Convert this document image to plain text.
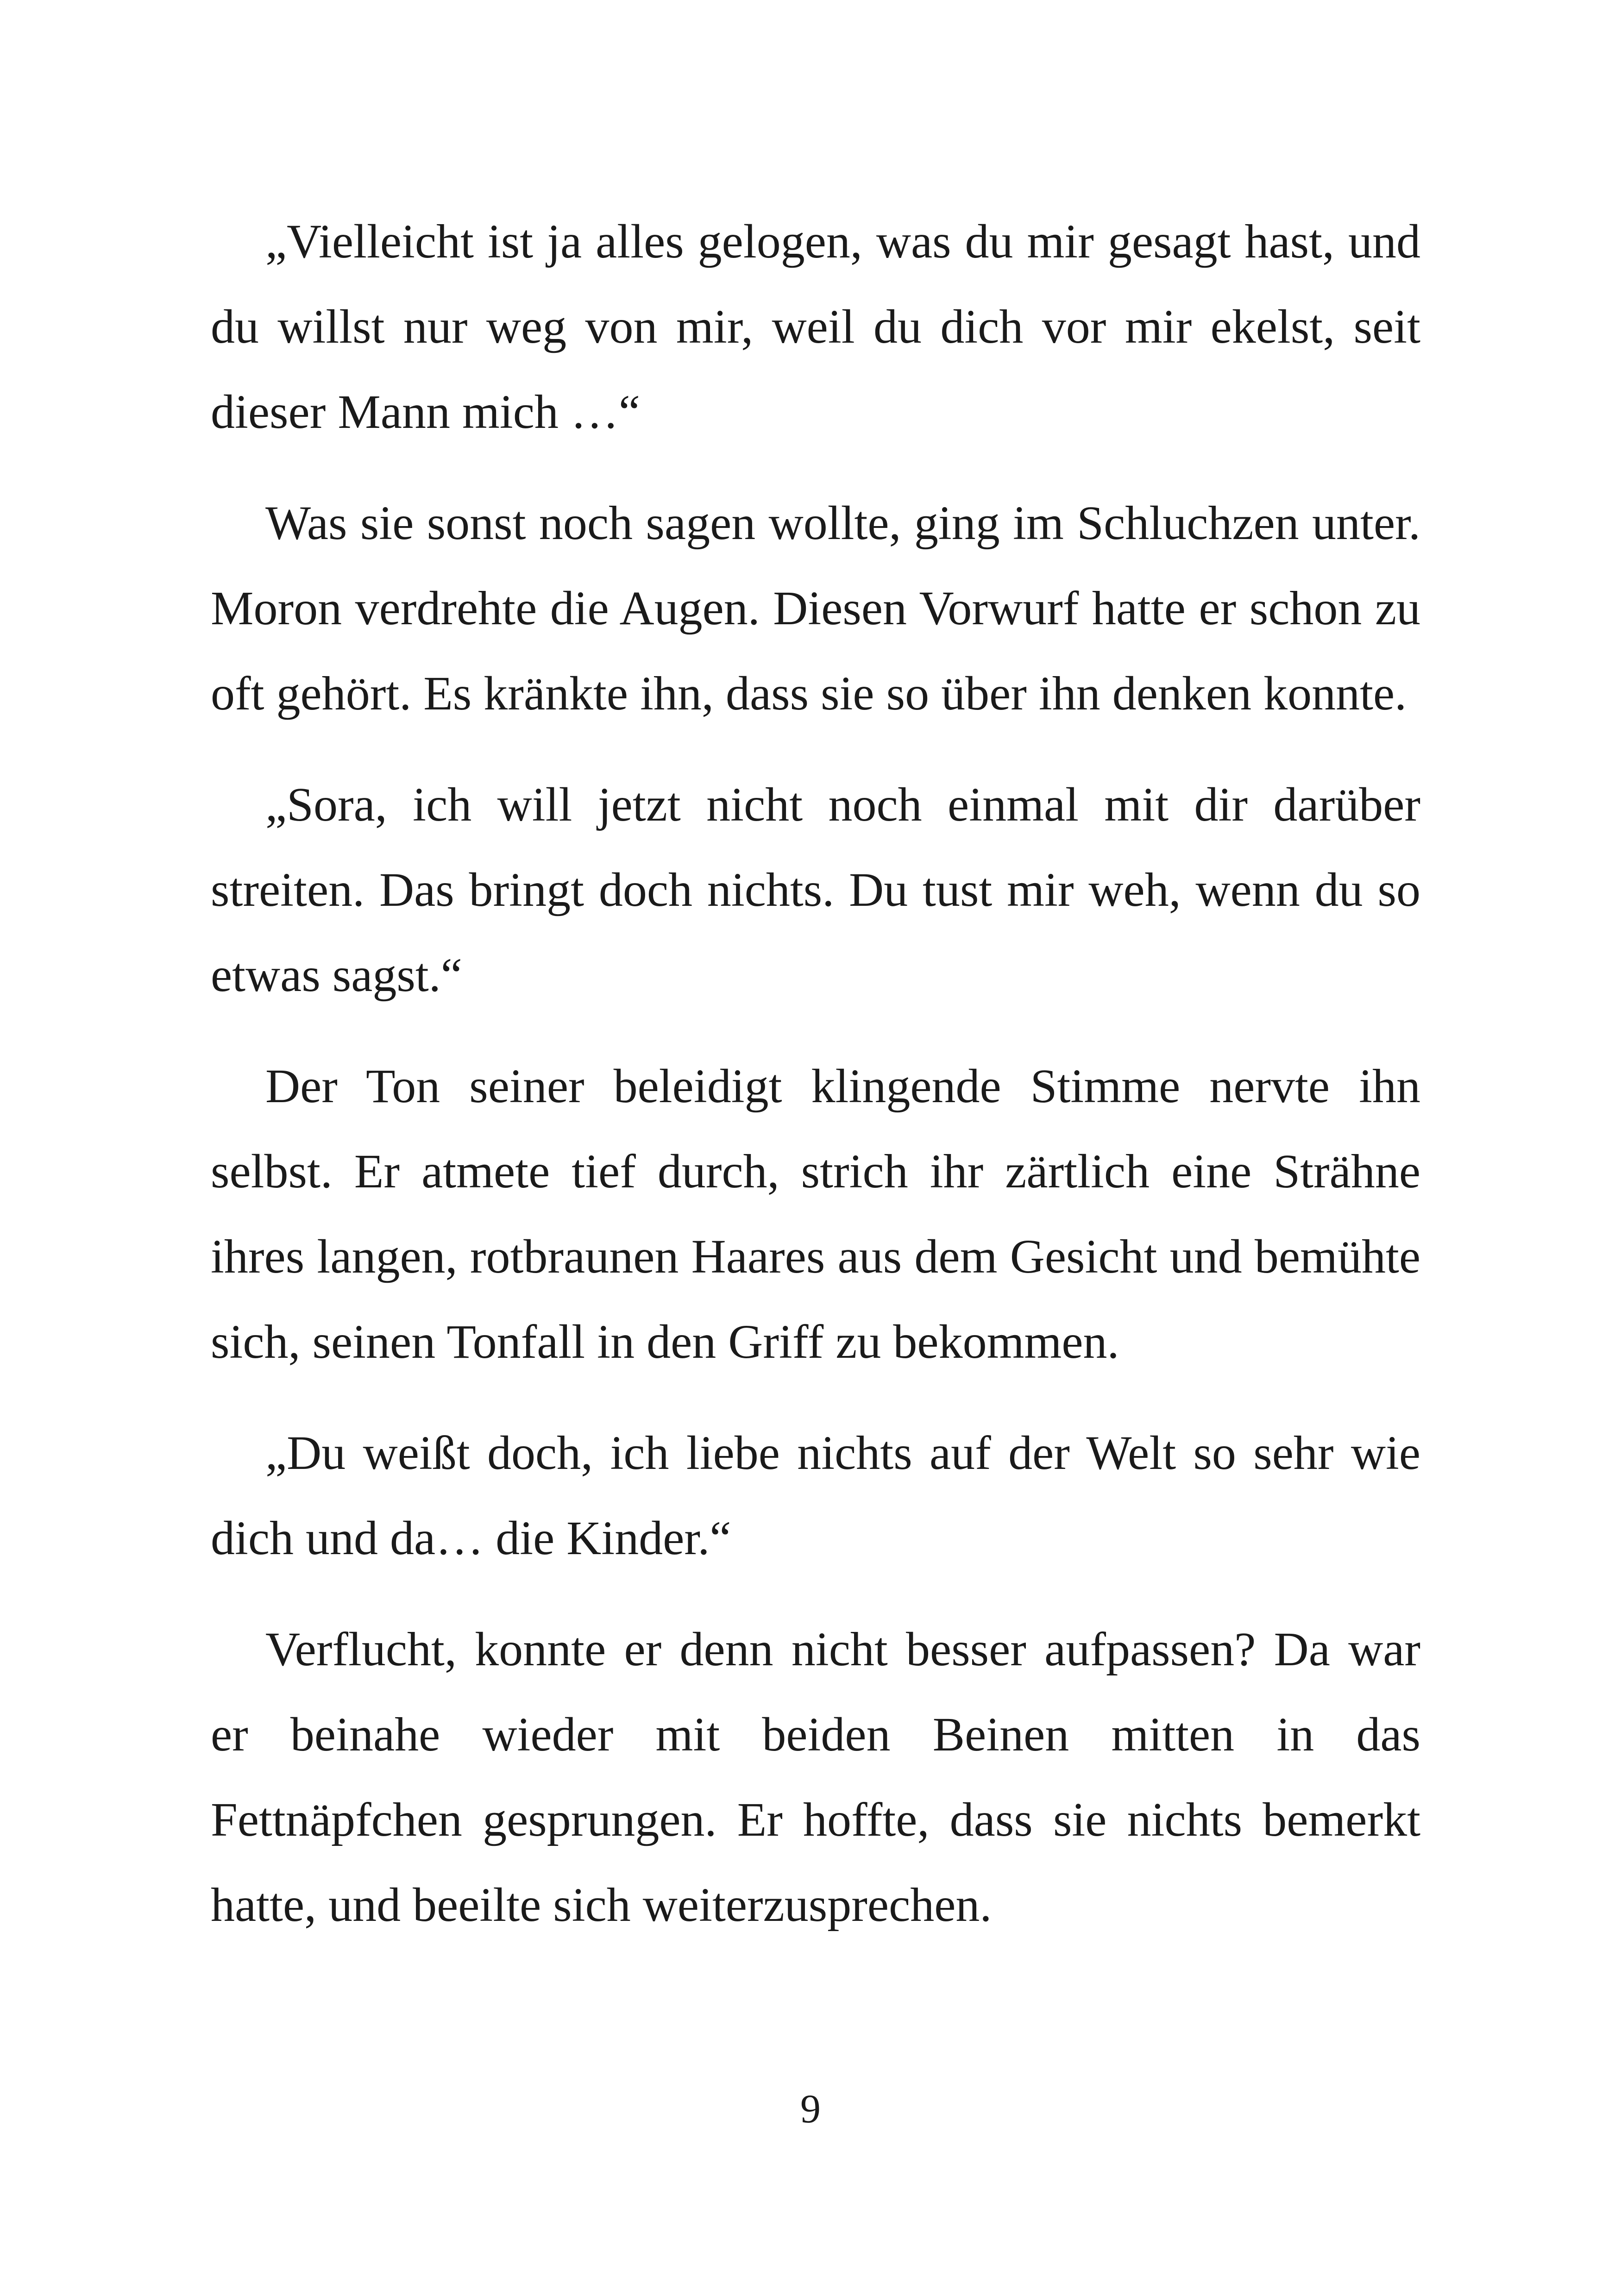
„Vielleicht ist ja alles gelogen, was du mir gesagt hast, und du willst nur weg von mir, weil du dich vor mir ekelst, seit dieser Mann mich …“

Was sie sonst noch sagen wollte, ging im Schluchzen unter. Moron verdrehte die Augen. Diesen Vorwurf hatte er schon zu oft gehört. Es kränkte ihn, dass sie so über ihn denken konnte.

„Sora, ich will jetzt nicht noch einmal mit dir darüber streiten. Das bringt doch nichts. Du tust mir weh, wenn du so etwas sagst.“

Der Ton seiner beleidigt klingende Stimme nervte ihn selbst. Er atmete tief durch, strich ihr zärtlich eine Strähne ihres langen, rotbraunen Haares aus dem Gesicht und bemühte sich, seinen Tonfall in den Griff zu bekommen.

„Du weißt doch, ich liebe nichts auf der Welt so sehr wie dich und da… die Kinder.“

Verflucht, konnte er denn nicht besser aufpassen? Da war er beinahe wieder mit beiden Beinen mitten in das Fettnäpfchen gesprungen. Er hoffte, dass sie nichts bemerkt hatte, und beeilte sich weiterzusprechen.

9
